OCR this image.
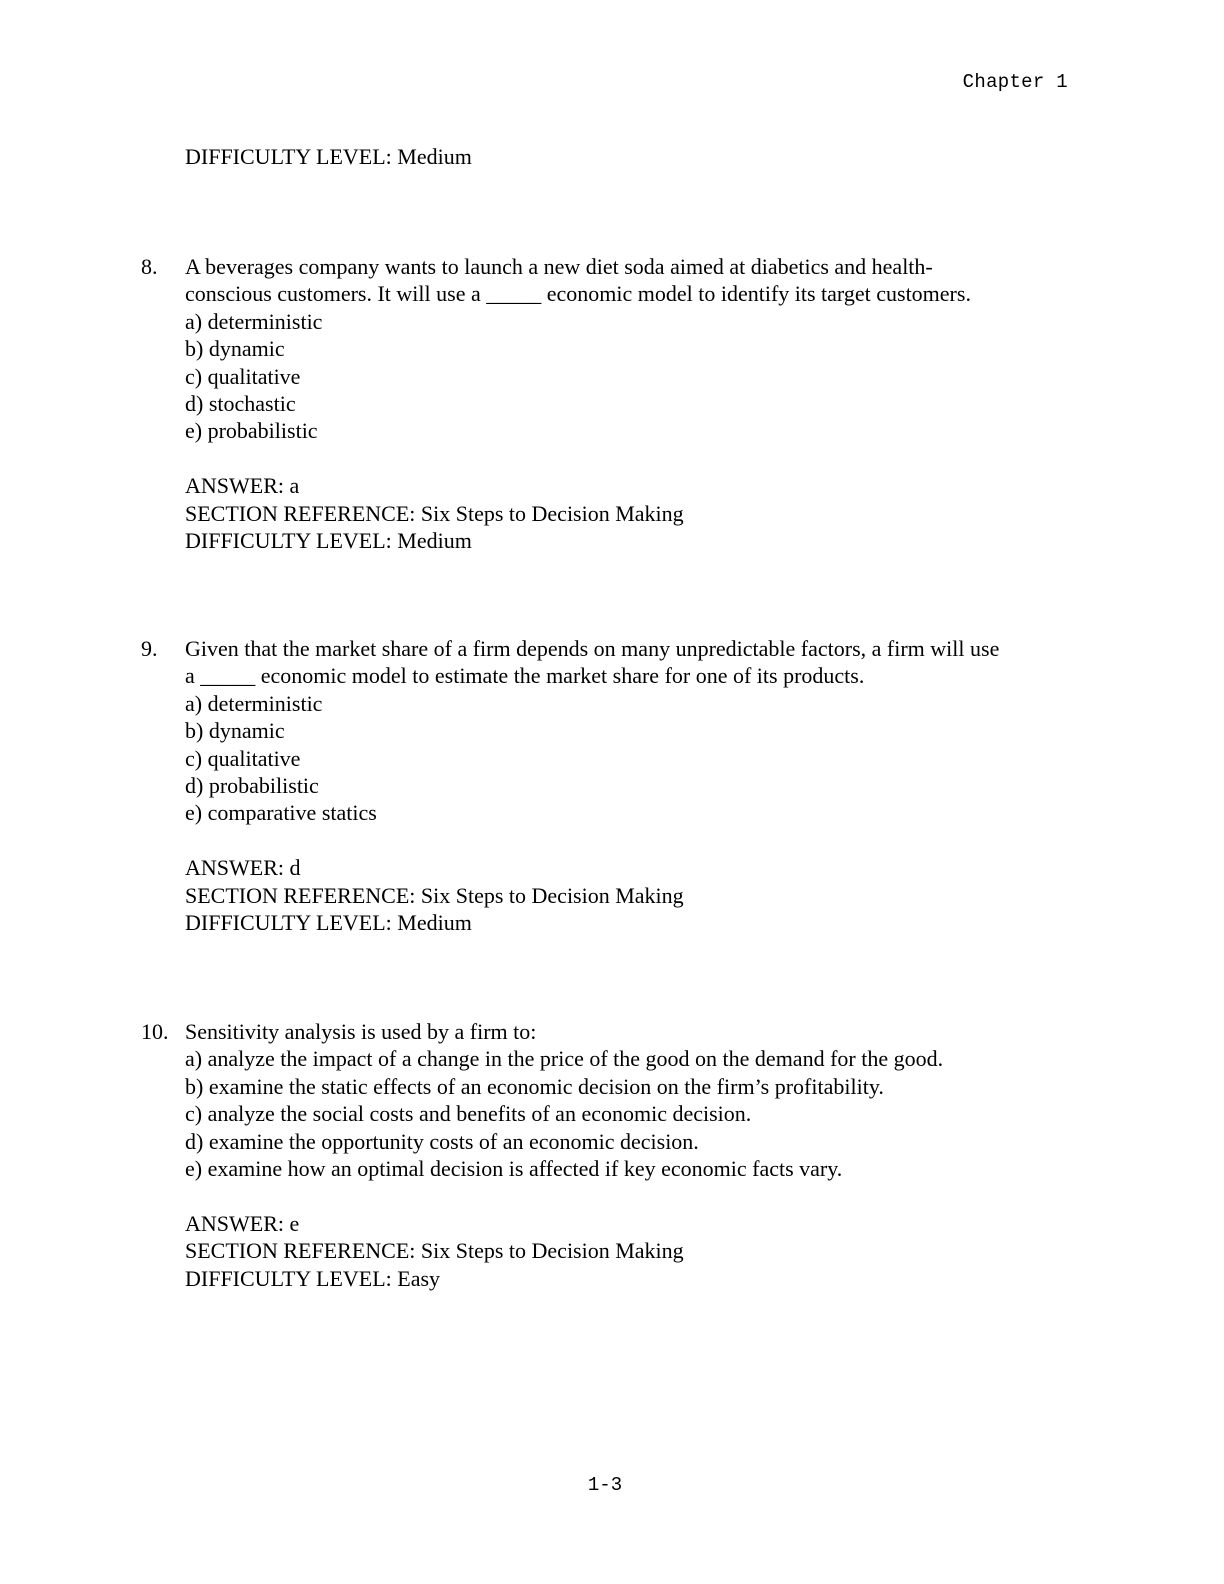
Chapter 1
DIFFICULTY LEVEL: Medium
8. A beverages company wants to launch a new diet soda aimed at diabetics and health-
conscious customers. It will use a _____ economic model to identify its target customers.
a) deterministic
b) dynamic
c) qualitative
d) stochastic
e) probabilistic
ANSWER: a
SECTION REFERENCE: Six Steps to Decision Making
DIFFICULTY LEVEL: Medium
9. Given that the market share of a firm depends on many unpredictable factors, a firm will use
a _____ economic model to estimate the market share for one of its products.
a) deterministic
b) dynamic
c) qualitative
d) probabilistic
e) comparative statics
ANSWER: d
SECTION REFERENCE: Six Steps to Decision Making
DIFFICULTY LEVEL: Medium
10. Sensitivity analysis is used by a firm to:
a) analyze the impact of a change in the price of the good on the demand for the good.
b) examine the static effects of an economic decision on the firm’s profitability.
c) analyze the social costs and benefits of an economic decision.
d) examine the opportunity costs of an economic decision.
e) examine how an optimal decision is affected if key economic facts vary.
ANSWER: e
SECTION REFERENCE: Six Steps to Decision Making
DIFFICULTY LEVEL: Easy
1-3
